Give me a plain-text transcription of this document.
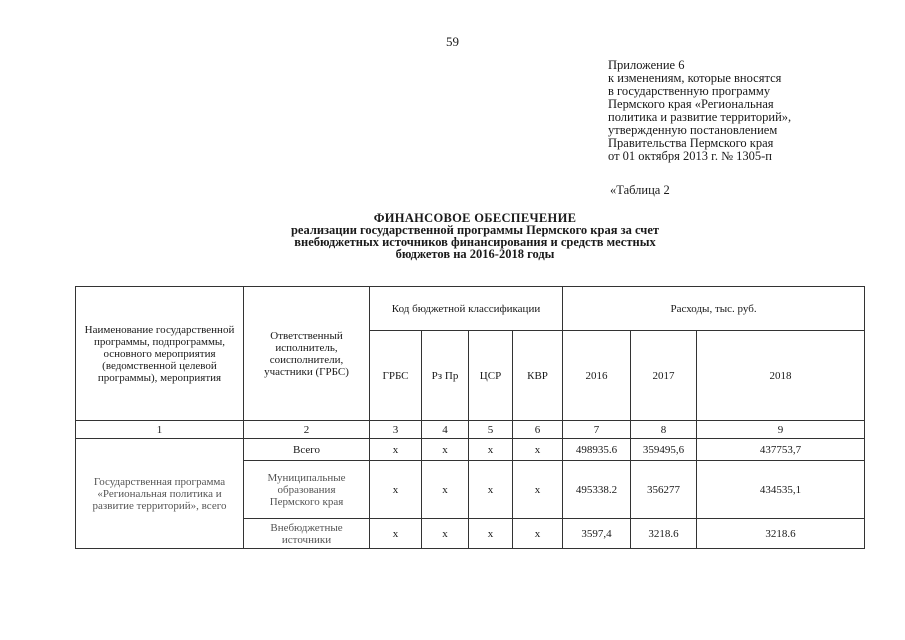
59
Приложение 6
к изменениям, которые вносятся
в государственную программу
Пермского края «Региональная
политика и развитие территорий»,
утвержденную постановлением
Правительства Пермского края
от 01 октября 2013 г. № 1305-п
«Таблица 2
ФИНАНСОВОЕ ОБЕСПЕЧЕНИЕ
реализации государственной программы Пермского края за счет
внебюджетных источников финансирования и средств местных
бюджетов на 2016-2018 годы
Наименование государственной программы, подпрограммы, основного мероприятия (ведомственной целевой программы), мероприятия	Ответственный исполнитель, соисполнители, участники (ГРБС)	Код бюджетной классификации				Расходы, тыс. руб.		
		ГРБС	Рз Пр	ЦСР	КВР	2016	2017	2018
1	2	3	4	5	6	7	8	9
Государственная программа «Региональная политика и развитие территорий», всего	Всего	х	х	х	х	498935.6	359495,6	437753,7
	Муниципальные образования Пермского края	х	х	х	х	495338.2	356277	434535,1
	Внебюджетные источники	х	х	х	х	3597,4	3218.6	3218.6
